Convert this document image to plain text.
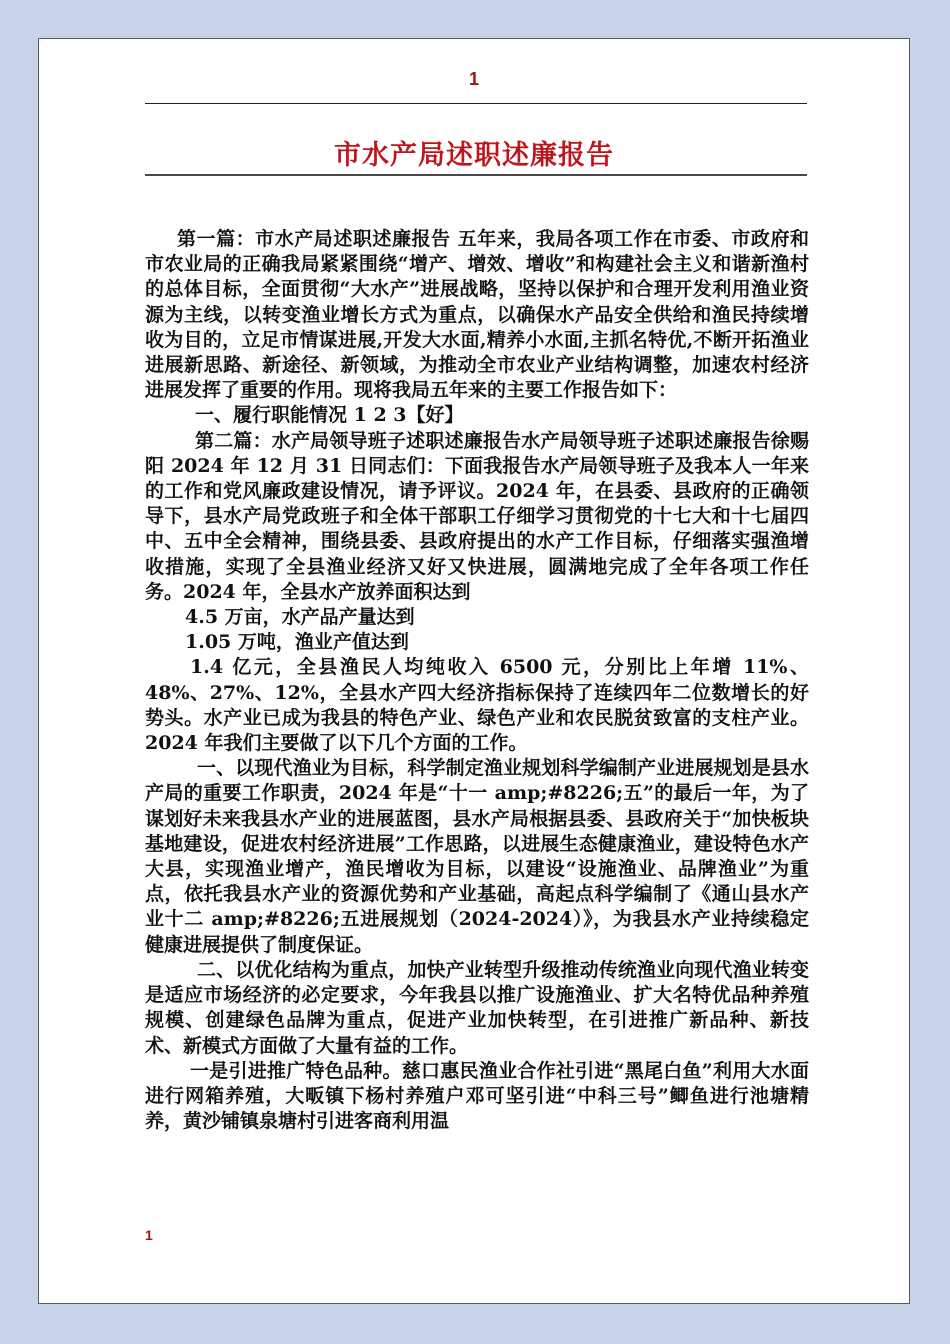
1
市水产局述职述廉报告

第一篇：市水产局述职述廉报告 五年来，我局各项工作在市委、市政府和市农业局的正确我局紧紧围绕“增产、增效、增收”和构建社会主义和谐新渔村的总体目标，全面贯彻“大水产”进展战略，坚持以保护和合理开发利用渔业资源为主线，以转变渔业增长方式为重点，以确保水产品安全供给和渔民持续增收为目的，立足市情谋进展,开发大水面,精养小水面,主抓名特优,不断开拓渔业进展新思路、新途径、新领域，为推动全市农业产业结构调整，加速农村经济进展发挥了重要的作用。现将我局五年来的主要工作报告如下：

一、履行职能情况 1 2 3【好】

第二篇：水产局领导班子述职述廉报告水产局领导班子述职述廉报告徐赐 阳 2024 年 12 月 31 日同志们：下面我报告水产局领导班子及我本人一年来的工作和党风廉政建设情况，请予评议。2024 年，在县委、县政府的正确领导下，县水产局党政班子和全体干部职工仔细学习贯彻党的十七大和十七届四中、五中全会精神，围绕县委、县政府提出的水产工作目标，仔细落实强渔增收措施，实现了全县渔业经济又好又快进展，圆满地完成了全年各项工作任务。2024 年，全县水产放养面积达到

4.5 万亩，水产品产量达到

1.05 万吨，渔业产值达到

1.4 亿元，全县渔民人均纯收入 6500 元，分别比上年增 11%、48%、27%、12%，全县水产四大经济指标保持了连续四年二位数增长的好势头。水产业已成为我县的特色产业、绿色产业和农民脱贫致富的支柱产业。2024 年我们主要做了以下几个方面的工作。

一、以现代渔业为目标，科学制定渔业规划科学编制产业进展规划是县水产局的重要工作职责，2024 年是“十一 amp;#8226;五”的最后一年，为了谋划好未来我县水产业的进展蓝图，县水产局根据县委、县政府关于“加快板块基地建设，促进农村经济进展”工作思路，以进展生态健康渔业，建设特色水产大县，实现渔业增产，渔民增收为目标，以建设“设施渔业、品牌渔业”为重点，依托我县水产业的资源优势和产业基础，高起点科学编制了《通山县水产业十二 amp;#8226;五进展规划（2024-2024）》，为我县水产业持续稳定健康进展提供了制度保证。

二、以优化结构为重点，加快产业转型升级推动传统渔业向现代渔业转变是适应市场经济的必定要求，今年我县以推广设施渔业、扩大名特优品种养殖规模、创建绿色品牌为重点，促进产业加快转型，在引进推广新品种、新技术、新模式方面做了大量有益的工作。

一是引进推广特色品种。慈口惠民渔业合作社引进“黑尾白鱼”利用大水面进行网箱养殖，大畈镇下杨村养殖户邓可坚引进“中科三号”鲫鱼进行池塘精养，黄沙铺镇泉塘村引进客商利用温

1
